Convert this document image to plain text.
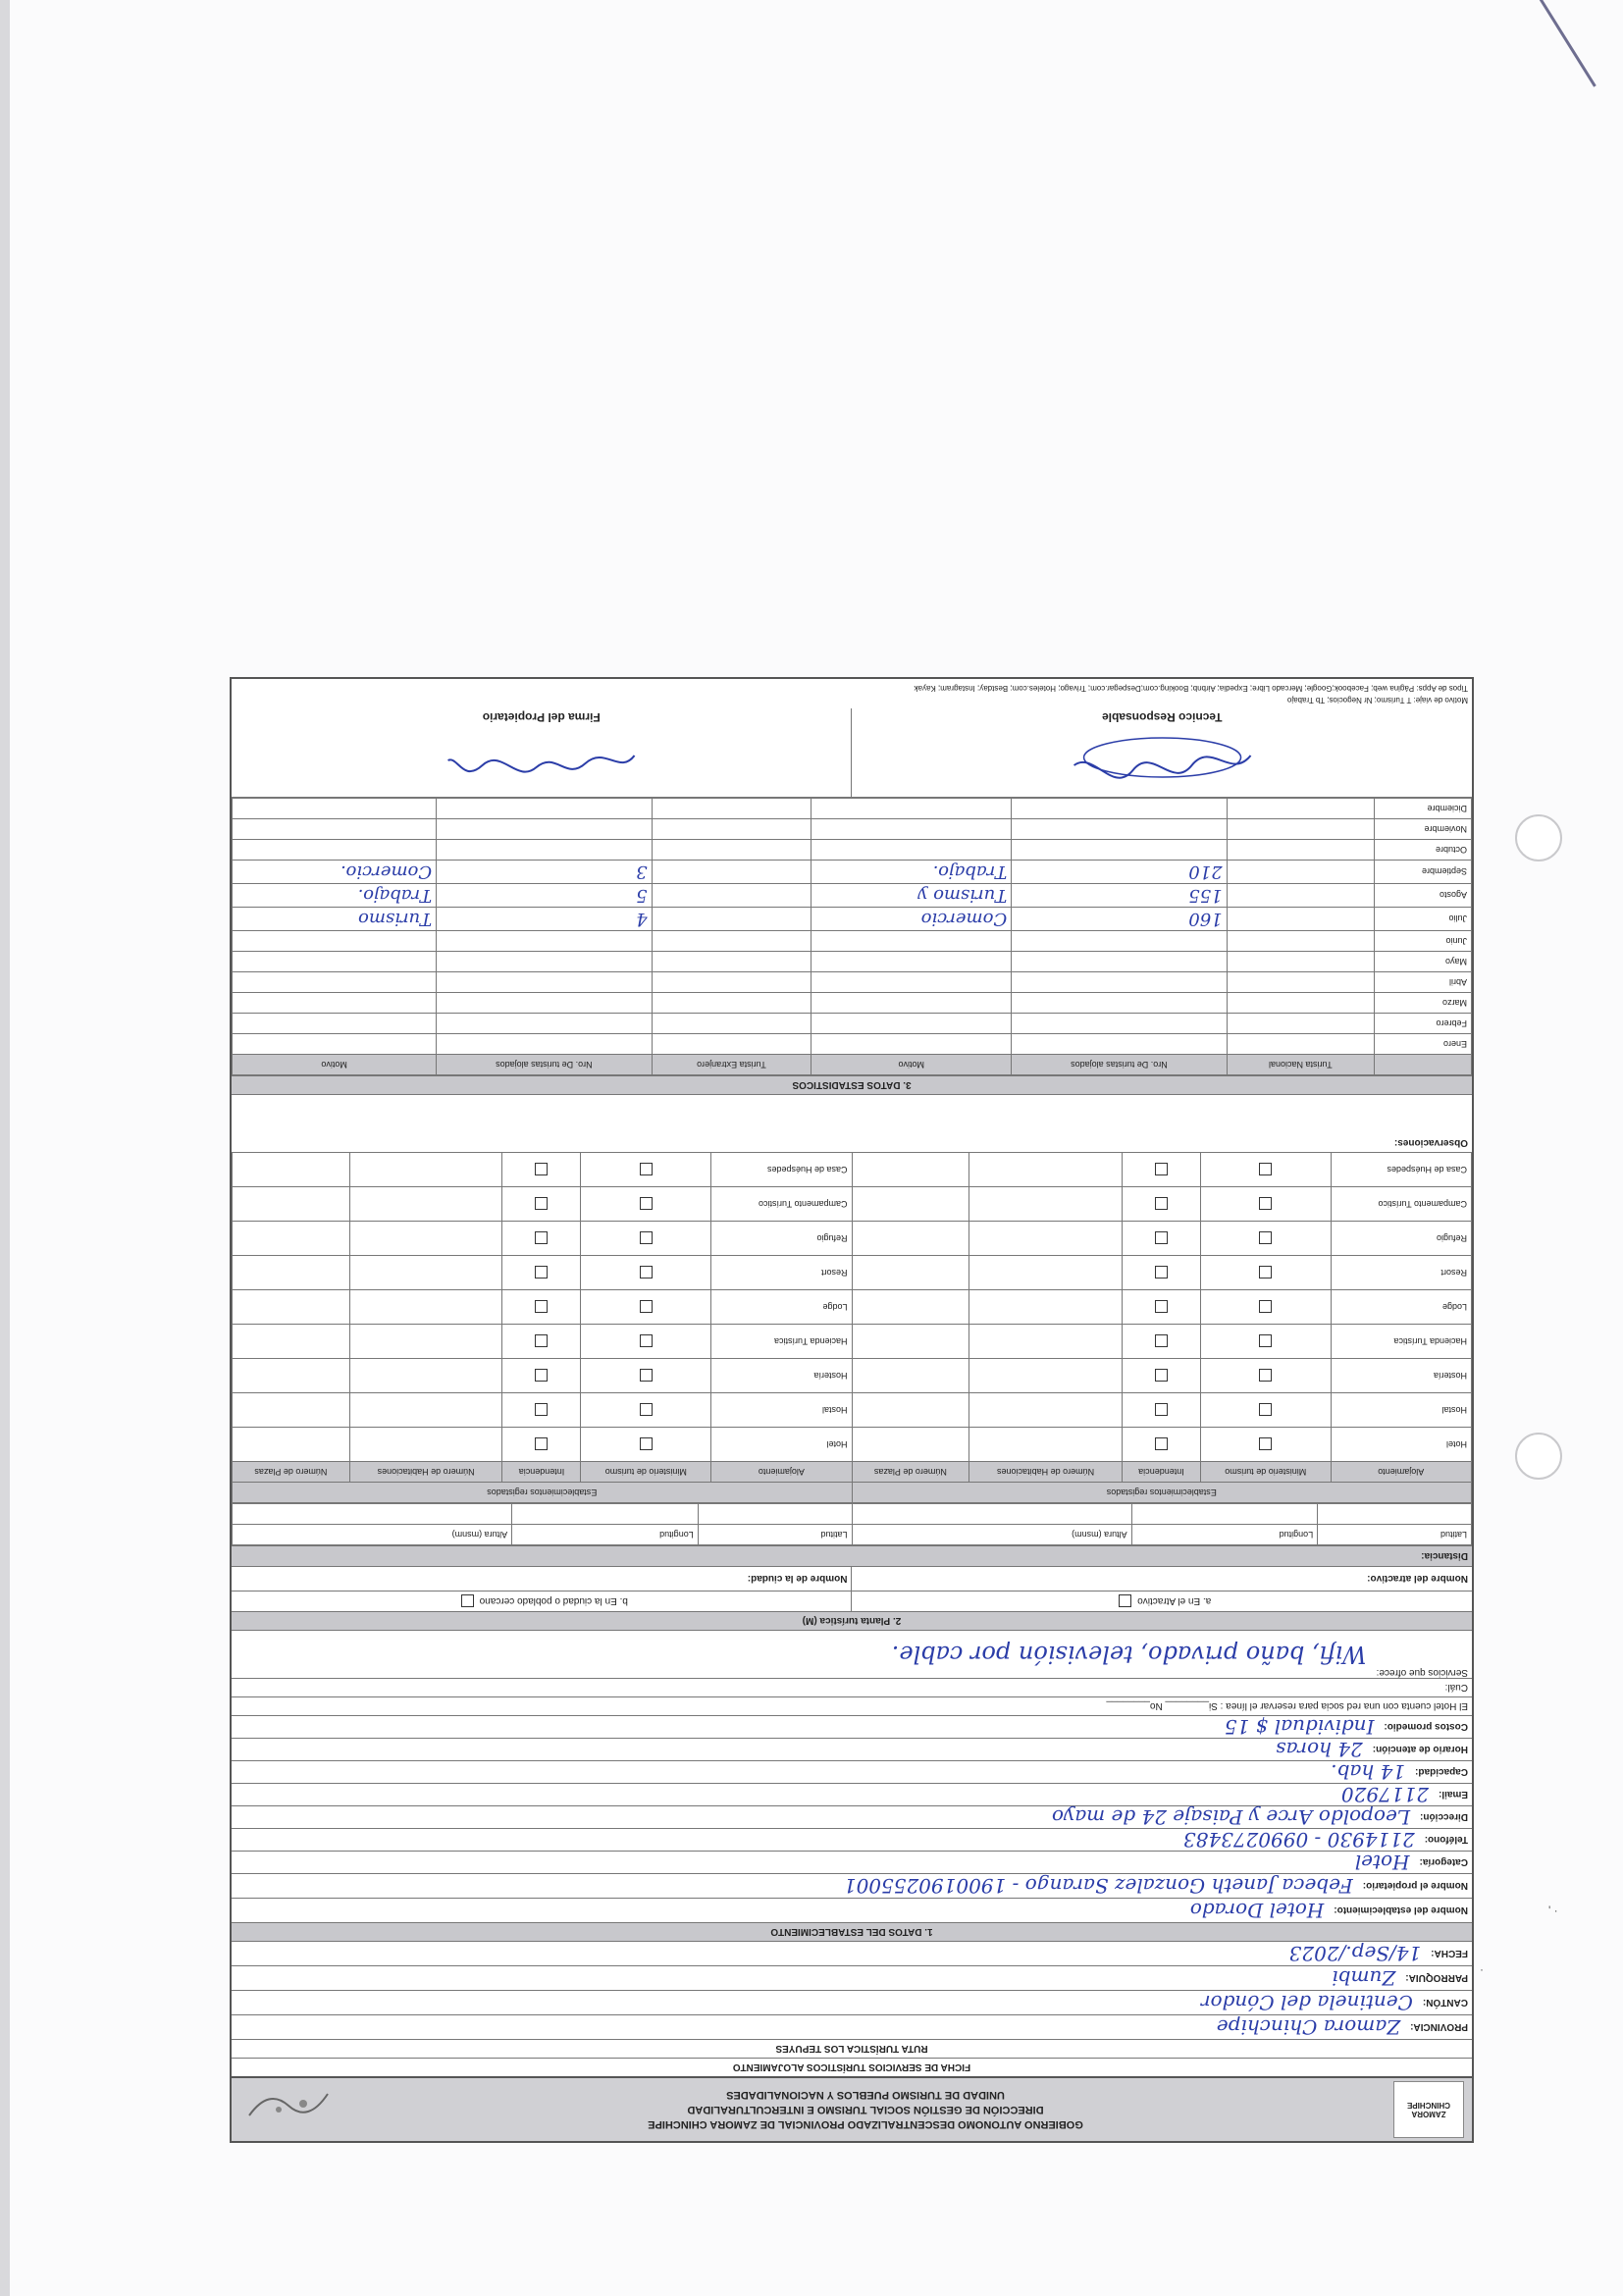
' ·
·
ZAMORA CHINCHIPE
GOBIERNO AUTONOMO DESCENTRALIZADO PROVINCIAL DE ZAMORA CHINCHIPE
DIRECCIÓN DE GESTIÓN SOCIAL TURISMO E INTERCULTURALIDAD
UNIDAD DE TURISMO PUEBLOS Y NACIONALIDADES
FICHA DE SERVICIOS TURÍSTICOS ALOJAMIENTO
RUTA TURÍSTICA LOS TEPUYES
PROVINCIA:
Zamora Chinchipe
CANTÓN:
Centinela del Cóndor
PARROQUIA:
Zumbi
FECHA:
14/Sep./2023
1. DATOS DEL ESTABLECIMIENTO
Nombre del establecimiento:
Hotel Dorado
Nombre el propietario:
Febeca Janeth Gonzalez Sarango - 1900190255001
Categoría:
Hotel
Teléfono:
2114930 - 0990273483
Dirección:
Leopoldo Arce y Paisaje 24 de mayo
Email:
2117920
Capacidad:
14 hab.
Horario de atención:
24 horas
Costos promedio:
Individual $ 15
El Hotel cuenta con una red socia para reservar el línea : Si________ No________
Cuál:
Servicios que ofrece:
Wifi, baño privado, televisión por cable.
2. Planta turística (M)
a. En el Atractivo
b. En la ciudad o poblado cercano
Nombre del atractivo:
Nombre de la ciudad:
Distancia:
Latitud	Longitud	Altura (msnm)	Latitud	Longitud	Altura (msnm)

Establecimientos registados					Establecimientos registados				
Alojamiento	Ministerio de turismo	Intendencia	Número de Habitaciones	Número de Plazas	Alojamiento	Ministerio de turismo	Intendencia	Número de Habitaciones	Número de Plazas
Hotel					Hotel				
Hostal					Hostal				
Hostería					Hostería				
Hacienda Turística					Hacienda Turística				
Lodge					Lodge				
Resort					Resort				
Refugio					Refugio				
Campamento Turístico					Campamento Turístico				
Casa de Huéspedes					Casa de Huéspedes				
Observaciones:
3. DATOS ESTADISTICOS
	Turista Nacional	Nro. De turistas alojados	Motivo	Turista Extranjero	Nro. De turistas alojados	Motivo
Enero						
Febrero						
Marzo						
Abril						
Mayo						
Junio						
Julio		160	Comercio		4	Turismo
Agosto		155	Turismo y		5	Trabajo.
Septiembre		210	Trabajo.		3	Comercio.
Octubre						
Noviembre						
Diciembre						
Tecnico Responsable
Firma del Propietario
Motivo de viaje: T Turismo; Nr Negocios; Tb Trabajo
Tipos de Apps: Página web; Facebook;Google; Mercado Libre; Expedia; Airbnb; Booking.com;Despegar.com; Trivago; Hoteles.com; Bestday; Instagram; Kayak
